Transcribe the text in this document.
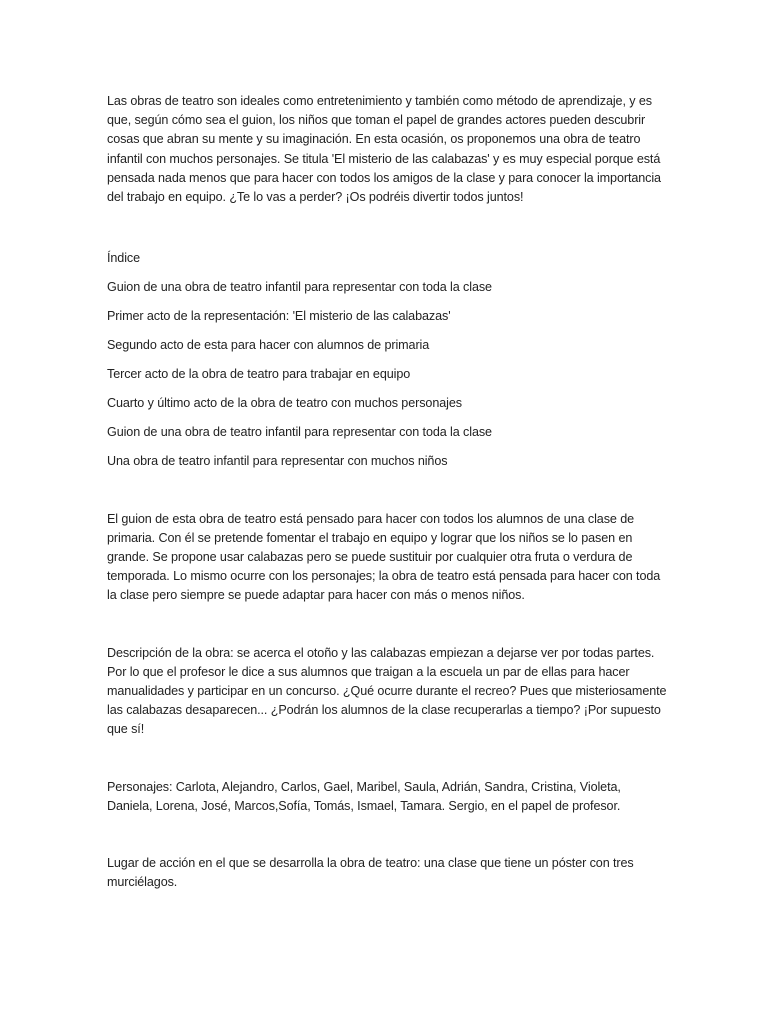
Las obras de teatro son ideales como entretenimiento y también como método de aprendizaje, y es que, según cómo sea el guion, los niños que toman el papel de grandes actores pueden descubrir cosas que abran su mente y su imaginación. En esta ocasión, os proponemos una obra de teatro infantil con muchos personajes. Se titula 'El misterio de las calabazas' y es muy especial porque está pensada nada menos que para hacer con todos los amigos de la clase y para conocer la importancia del trabajo en equipo. ¿Te lo vas a perder? ¡Os podréis divertir todos juntos!

Índice

Guion de una obra de teatro infantil para representar con toda la clase
Primer acto de la representación: 'El misterio de las calabazas'
Segundo acto de esta para hacer con alumnos de primaria
Tercer acto de la obra de teatro para trabajar en equipo
Cuarto y último acto de la obra de teatro con muchos personajes
Guion de una obra de teatro infantil para representar con toda la clase
Una obra de teatro infantil para representar con muchos niños

El guion de esta obra de teatro está pensado para hacer con todos los alumnos de una clase de primaria. Con él se pretende fomentar el trabajo en equipo y lograr que los niños se lo pasen en grande. Se propone usar calabazas pero se puede sustituir por cualquier otra fruta o verdura de temporada. Lo mismo ocurre con los personajes; la obra de teatro está pensada para hacer con toda la clase pero siempre se puede adaptar para hacer con más o menos niños.

Descripción de la obra: se acerca el otoño y las calabazas empiezan a dejarse ver por todas partes. Por lo que el profesor le dice a sus alumnos que traigan a la escuela un par de ellas para hacer manualidades y participar en un concurso. ¿Qué ocurre durante el recreo? Pues que misteriosamente las calabazas desaparecen... ¿Podrán los alumnos de la clase recuperarlas a tiempo? ¡Por supuesto que sí!

Personajes: Carlota, Alejandro, Carlos, Gael, Maribel, Saula, Adrián, Sandra, Cristina, Violeta, Daniela, Lorena, José, Marcos,Sofía, Tomás, Ismael, Tamara. Sergio, en el papel de profesor.

Lugar de acción en el que se desarrolla la obra de teatro: una clase que tiene un póster con tres murciélagos.
